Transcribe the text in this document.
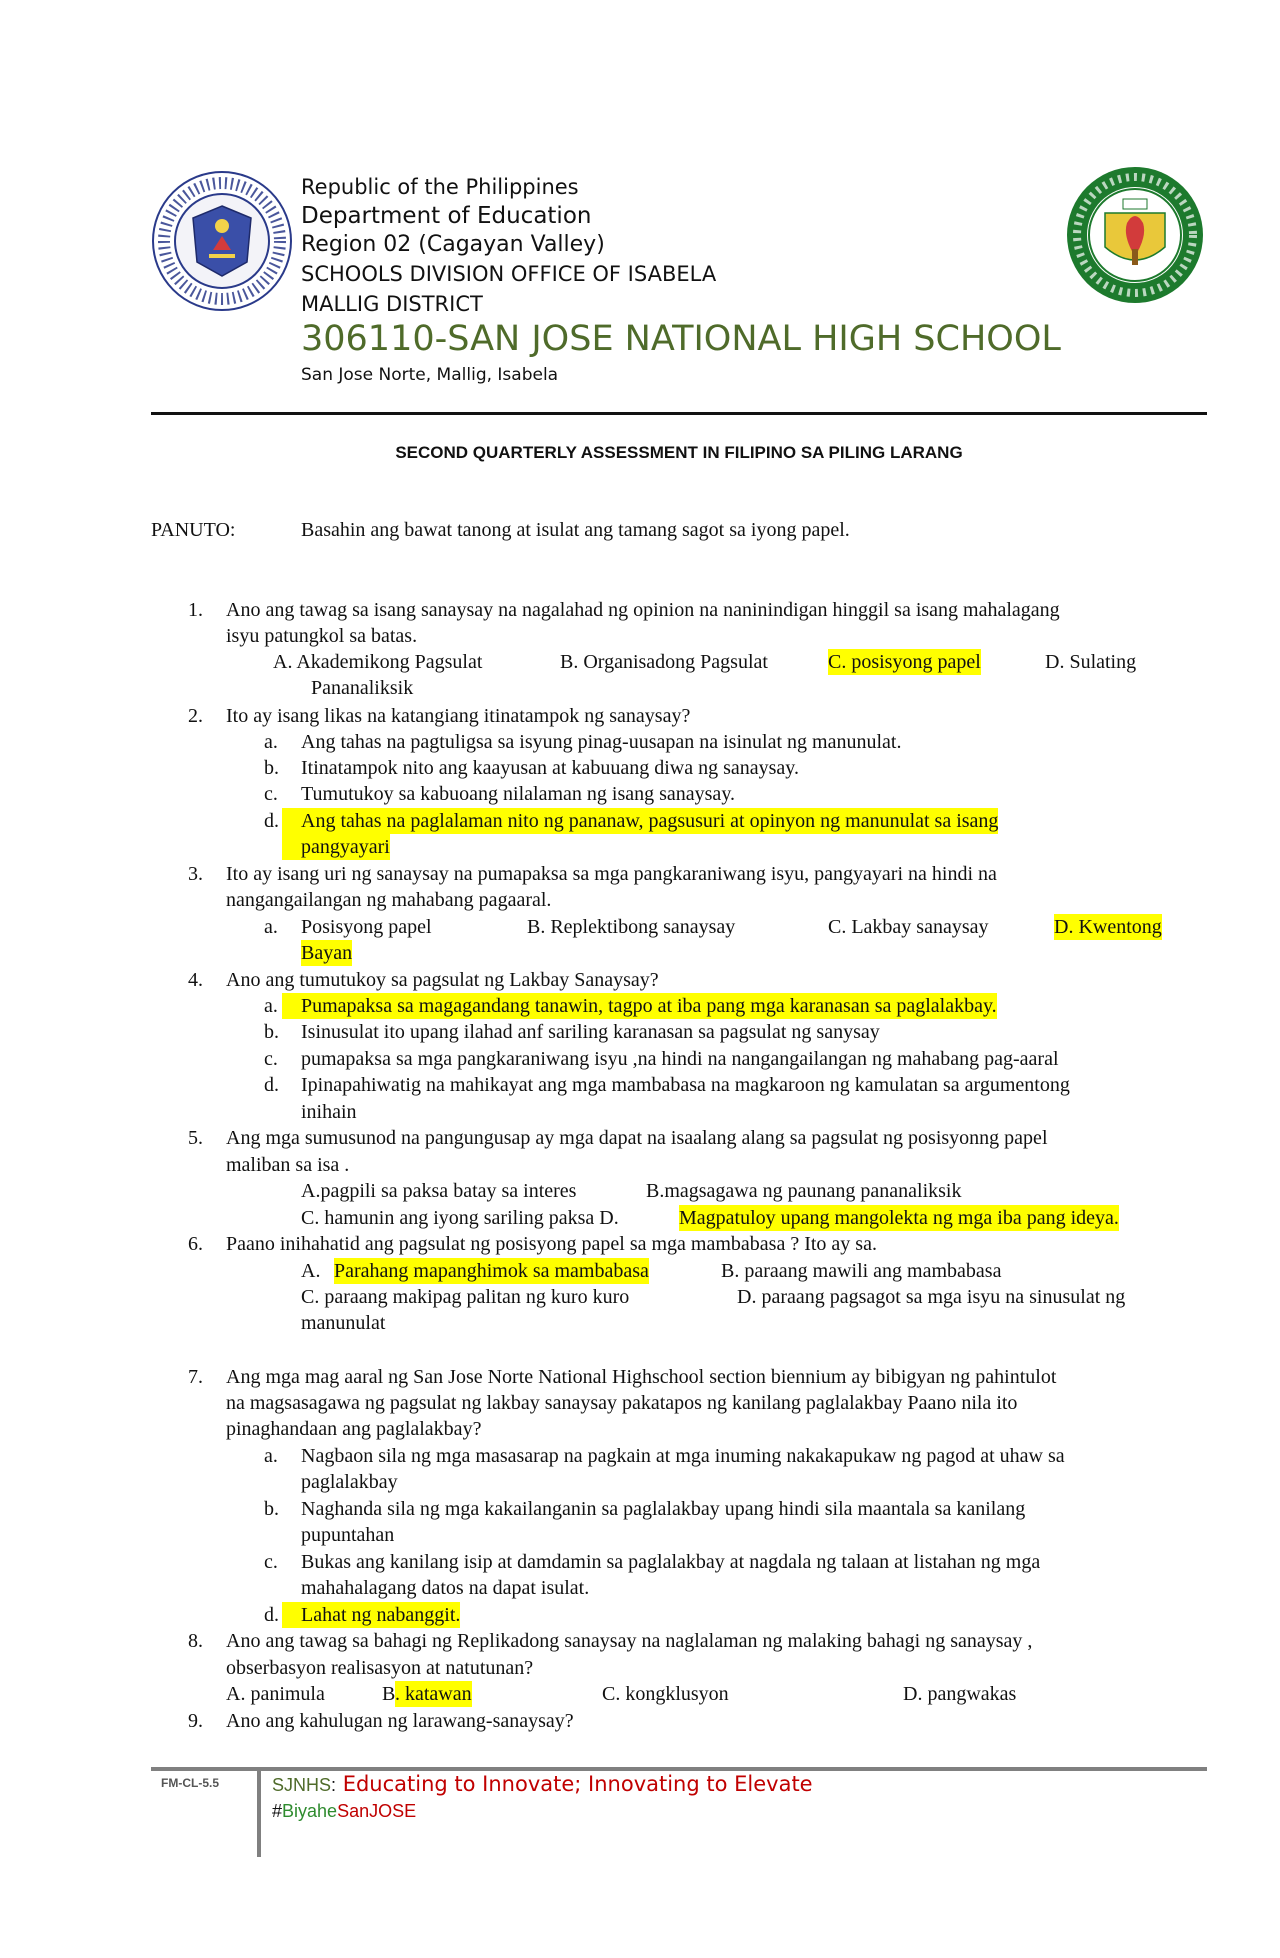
Republic of the Philippines
Department of Education
Region 02 (Cagayan Valley)
SCHOOLS DIVISION OFFICE OF ISABELA
MALLIG DISTRICT
306110-SAN JOSE NATIONAL HIGH SCHOOL
San Jose Norte, Mallig, Isabela
SECOND QUARTERLY ASSESSMENT IN FILIPINO SA PILING LARANG
PANUTO:	Basahin ang bawat tanong at isulat ang tamang sagot sa iyong papel.
1. Ano ang tawag sa isang sanaysay na nagalahad ng opinion na naninindigan hinggil sa isang mahalagang
isyu patungkol sa batas.
A. Akademikong Pagsulat	B. Organisadong Pagsulat	C. posisyong papel	D. Sulating
Pananaliksik
2. Ito ay isang likas na katangiang itinatampok ng sanaysay?
a. Ang tahas na pagtuligsa sa isyung pinag-uusapan na isinulat ng manunulat.
b. Itinatampok nito ang kaayusan at kabuuang diwa ng sanaysay.
c. Tumutukoy sa kabuoang nilalaman ng isang sanaysay.
d.	Ang tahas na paglalaman nito ng pananaw, pagsusuri at opinyon ng manunulat sa isang
pangyayari
3. Ito ay isang uri ng sanaysay na pumapaksa sa mga pangkaraniwang isyu, pangyayari na hindi na
nangangailangan ng mahabang pagaaral.
a. Posisyong papel	B. Replektibong sanaysay	C. Lakbay sanaysay	D. Kwentong
Bayan
4. Ano ang tumutukoy sa pagsulat ng Lakbay Sanaysay?
a.	Pumapaksa sa magagandang tanawin, tagpo at iba pang mga karanasan sa paglalakbay.
b. Isinusulat ito upang ilahad anf sariling karanasan sa pagsulat ng sanysay
c. pumapaksa sa mga pangkaraniwang isyu ,na hindi na nangangailangan ng mahabang pag-aaral
d. Ipinapahiwatig na mahikayat ang mga mambabasa na magkaroon ng kamulatan sa argumentong
inihain
5. Ang mga sumusunod na pangungusap ay mga dapat na isaalang alang sa pagsulat ng posisyonng papel
maliban sa isa .
A.pagpili sa paksa batay sa interes	B.magsagawa ng paunang pananaliksik
C. hamunin ang iyong sariling paksa D.	Magpatuloy upang mangolekta ng mga iba pang ideya.
6. Paano inihahatid ang pagsulat ng posisyong papel sa mga mambabasa ? Ito ay sa.
A. Parahang mapanghimok sa mambabasa	B. paraang mawili ang mambabasa
C. paraang makipag palitan ng kuro kuro	D. paraang pagsagot sa mga isyu na sinusulat ng
manunulat
7. Ang mga mag aaral ng San Jose Norte National Highschool section biennium ay bibigyan ng pahintulot
na magsasagawa ng pagsulat ng lakbay sanaysay pakatapos ng kanilang paglalakbay Paano nila ito
pinaghandaan ang paglalakbay?
a. Nagbaon sila ng mga masasarap na pagkain at mga inuming nakakapukaw ng pagod at uhaw sa
paglalakbay
b. Naghanda sila ng mga kakailanganin sa paglalakbay upang hindi sila maantala sa kanilang
pupuntahan
c. Bukas ang kanilang isip at damdamin sa paglalakbay at nagdala ng talaan at listahan ng mga
mahahalagang datos na dapat isulat.
d.	Lahat ng nabanggit.
8. Ano ang tawag sa bahagi ng Replikadong sanaysay na naglalaman ng malaking bahagi ng sanaysay ,
obserbasyon realisasyon at natutunan?
A. panimula	B . katawan	C. kongklusyon	D. pangwakas
9. Ano ang kahulugan ng larawang-sanaysay?
FM-CL-5.5	SJNHS: Educating to Innovate; Innovating to Elevate
#BiyaheSanJOSE
